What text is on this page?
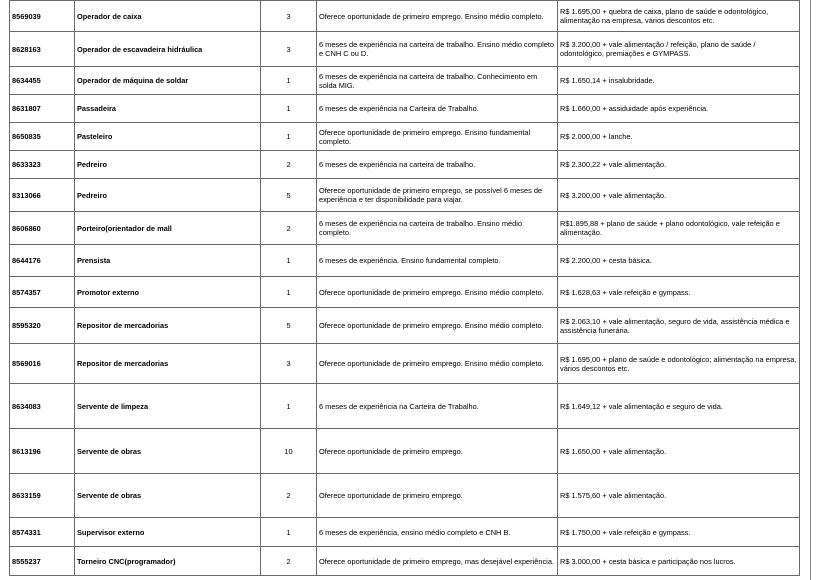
8569039	Operador de caixa	3	Oferece oportunidade de primeiro emprego. Ensino médio completo.	R$ 1.695,00 + quebra de caixa, plano de saúde e odontológico, alimentação na empresa, vários descontos etc.
8628163	Operador de escavadeira hidráulica	3	6 meses de experiência na carteira de trabalho. Ensino médio completo e CNH C ou D.	R$ 3.200,00 + vale alimentação / refeição, plano de saúde / odontológico, premiações e GYMPASS.
8634455	Operador de máquina de soldar	1	6 meses de experiência na carteira de trabalho. Conhecimento em solda MIG.	R$ 1.650,14 + insalubridade.
8631807	Passadeira	1	6 meses de experiência na Carteira de Trabalho.	R$ 1.660,00 + assiduidade após experiência.
8650835	Pasteleiro	1	Oferece oportunidade de primeiro emprego. Ensino fundamental completo.	R$ 2.000,00 + lanche.
8633323	Pedreiro	2	6 meses de experiência na carteira de trabalho.	R$ 2.300,22 + vale alimentação.
8313066	Pedreiro	5	Oferece oportunidade de primeiro emprego, se possível 6 meses de experiência e ter disponibilidade para viajar.	R$ 3.200,00 + vale alimentação.
8606860	Porteiro(orientador de mall	2	6 meses de experiência na carteira de trabalho. Ensino médio completo.	R$1.895,88 + plano de saúde + plano odontológico, vale refeição e alimentação.
8644176	Prensista	1	6 meses de experiência. Ensino fundamental completo.	R$ 2.200,00 + cesta básica.
8574357	Promotor externo	1	Oferece oportunidade de primeiro emprego. Ensino médio completo.	R$ 1.628,63 + vale refeição e gympass.
8595320	Repositor de mercadorias	5	Oferece oportunidade de primeiro emprego. Ensino médio completo.	R$ 2.063,10 + vale alimentação, seguro de vida, assistência médica e assistência funerária.
8569016	Repositor de mercadorias	3	Oferece oportunidade de primeiro emprego. Ensino médio completo.	R$ 1.695,00 + plano de saúde e odontológico; alimentação na empresa, vários descontos etc.
8634083	Servente de limpeza	1	6 meses de experiência na Carteira de Trabalho.	R$ 1.649,12 + vale alimentação e seguro de vida.
8613196	Servente de obras	10	Oferece oportunidade de primeiro emprego.	R$ 1.650,00 + vale alimentação.
8633159	Servente de obras	2	Oferece oportunidade de primeiro emprego.	R$ 1.575,60 + vale alimentação.
8574331	Supervisor externo	1	6 meses de experiência, ensino médio completo e CNH B.	R$ 1.750,00 + vale refeição e gympass.
8555237	Torneiro CNC(programador)	2	Oferece oportunidade de primeiro emprego, mas desejável experiência.	R$ 3.000,00 + cesta básica e participação nos lucros.
